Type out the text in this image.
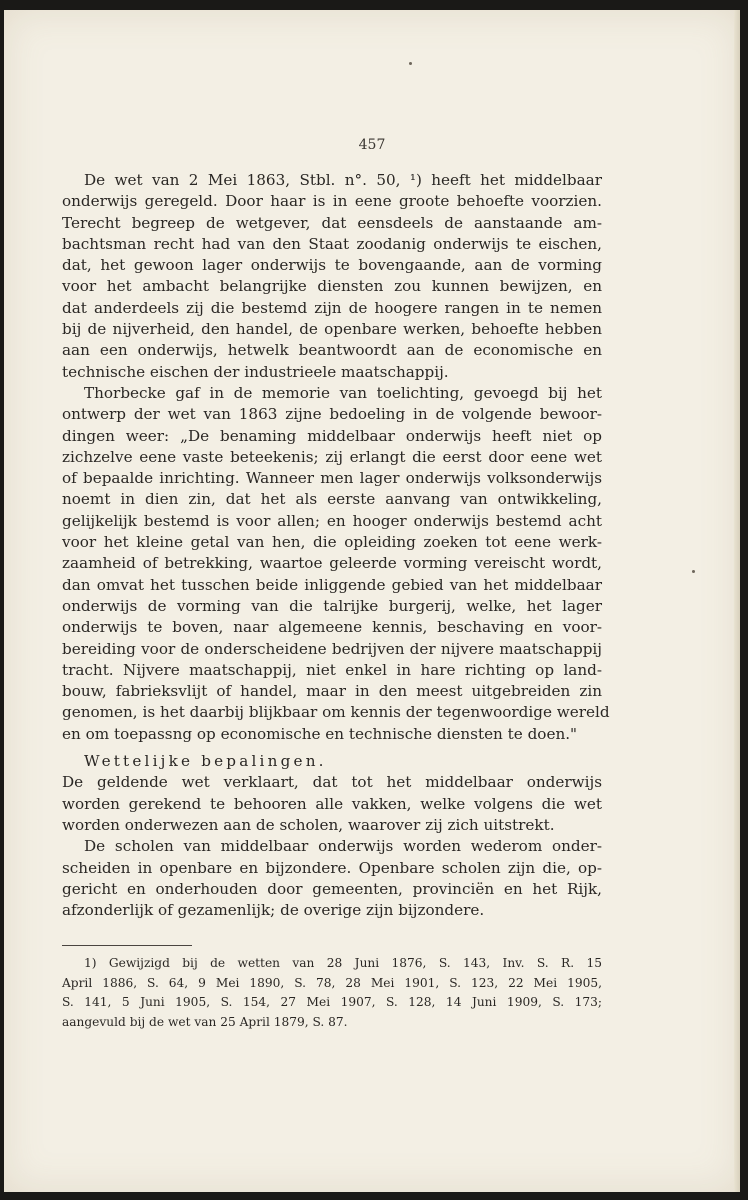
457
De wet van 2 Mei 1863, Stbl. n°. 50, ¹) heeft het middelbaar
onderwijs geregeld. Door haar is in eene groote behoefte voorzien.
Terecht begreep de wetgever, dat eensdeels de aanstaande am-
bachtsman recht had van den Staat zoodanig onderwijs te eischen,
dat, het gewoon lager onderwijs te bovengaande, aan de vorming
voor het ambacht belangrijke diensten zou kunnen bewijzen, en
dat anderdeels zij die bestemd zijn de hoogere rangen in te nemen
bij de nijverheid, den handel, de openbare werken, behoefte hebben
aan een onderwijs, hetwelk beantwoordt aan de economische en
technische eischen der industrieele maatschappij.
Thorbecke gaf in de memorie van toelichting, gevoegd bij het
ontwerp der wet van 1863 zijne bedoeling in de volgende bewoor-
dingen weer: „De benaming middelbaar onderwijs heeft niet op
zichzelve eene vaste beteekenis; zij erlangt die eerst door eene wet
of bepaalde inrichting. Wanneer men lager onderwijs volksonderwijs
noemt in dien zin, dat het als eerste aanvang van ontwikkeling,
gelijkelijk bestemd is voor allen; en hooger onderwijs bestemd acht
voor het kleine getal van hen, die opleiding zoeken tot eene werk-
zaamheid of betrekking, waartoe geleerde vorming vereischt wordt,
dan omvat het tusschen beide inliggende gebied van het middelbaar
onderwijs de vorming van die talrijke burgerij, welke, het lager
onderwijs te boven, naar algemeene kennis, beschaving en voor-
bereiding voor de onderscheidene bedrijven der nijvere maatschappij
tracht. Nijvere maatschappij, niet enkel in hare richting op land-
bouw, fabrieksvlijt of handel, maar in den meest uitgebreiden zin
genomen, is het daarbij blijkbaar om kennis der tegenwoordige wereld
en om toepassng op economische en technische diensten te doen."
Wettelijke bepalingen.
De geldende wet verklaart, dat tot het middelbaar onderwijs
worden gerekend te behooren alle vakken, welke volgens die wet
worden onderwezen aan de scholen, waarover zij zich uitstrekt.
De scholen van middelbaar onderwijs worden wederom onder-
scheiden in openbare en bijzondere. Openbare scholen zijn die, op-
gericht en onderhouden door gemeenten, provinciën en het Rijk,
afzonderlijk of gezamenlijk; de overige zijn bijzondere.
1) Gewijzigd bij de wetten van 28 Juni 1876, S. 143, Inv. S. R. 15
April 1886, S. 64, 9 Mei 1890, S. 78, 28 Mei 1901, S. 123, 22 Mei 1905,
S. 141, 5 Juni 1905, S. 154, 27 Mei 1907, S. 128, 14 Juni 1909, S. 173;
aangevuld bij de wet van 25 April 1879, S. 87.
